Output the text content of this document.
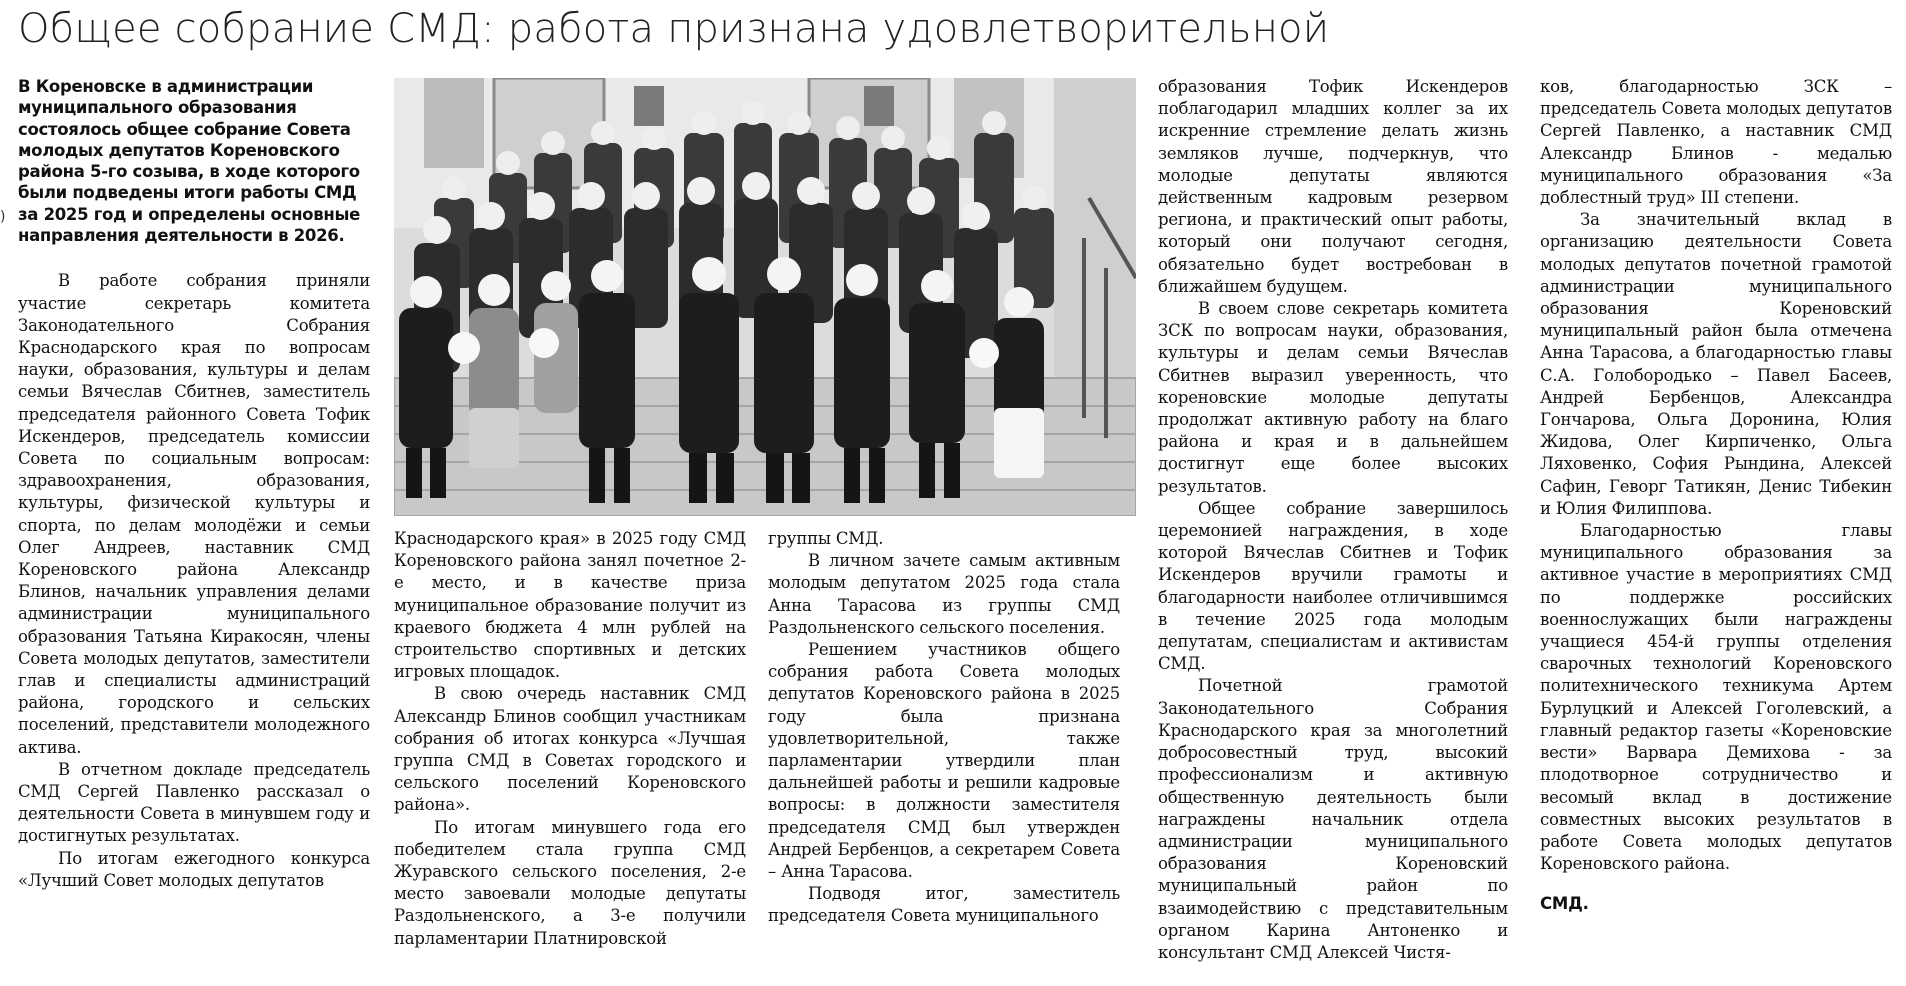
Общее собрание СМД: работа признана удовлетворительной
)

В Кореновске в администрации муниципального образования состоялось общее собрание Совета молодых депутатов Кореновского района 5-го созыва, в ходе которого были подведены итоги работы СМД за 2025 год и определены основные направления деятельности в 2026.

В работе собрания приняли участие секретарь комитета Законодательного Собрания Краснодарского края по вопросам науки, образования, культуры и делам семьи Вячеслав Сбитнев, заместитель председателя районного Совета Тофик Искендеров, председатель комиссии Совета по социальным вопросам: здравоохранения, образования, культуры, физической культуры и спорта, по делам молодёжи и семьи Олег Андреев, наставник СМД Кореновского района Александр Блинов, начальник управления делами администрации муниципального образования Татьяна Киракосян, члены Совета молодых депутатов, заместители глав и специалисты администраций района, городского и сельских поселений, представители молодежного актива.

В отчетном докладе председатель СМД Сергей Павленко рассказал о деятельности Совета в минувшем году и достигнутых результатах.

По итогам ежегодного конкурса «Лучший Совет молодых депутатов

Краснодарского края» в 2025 году СМД Кореновского района занял почетное 2-е место, и в качестве приза муниципальное образование получит из краевого бюджета 4 млн рублей на строительство спортивных и детских игровых площадок.

В свою очередь наставник СМД Александр Блинов сообщил участникам собрания об итогах конкурса «Лучшая группа СМД в Советах городского и сельского поселений Кореновского района».

По итогам минувшего года его победителем стала группа СМД Журавского сельского поселения, 2-е место завоевали молодые депутаты Раздольненского, а 3-е получили парламентарии Платнировской

группы СМД.

В личном зачете самым активным молодым депутатом 2025 года стала Анна Тарасова из группы СМД Раздольненского сельского поселения.

Решением участников общего собрания работа Совета молодых депутатов Кореновского района в 2025 году была признана удовлетворительной, также парламентарии утвердили план дальнейшей работы и решили кадровые вопросы: в должности заместителя председателя СМД был утвержден Андрей Бербенцов, а секретарем Совета – Анна Тарасова.

Подводя итог, заместитель председателя Совета муниципального

образования Тофик Искендеров поблагодарил младших коллег за их искренние стремление делать жизнь земляков лучше, подчеркнув, что молодые депутаты являются действенным кадровым резервом региона, и практический опыт работы, который они получают сегодня, обязательно будет востребован в ближайшем будущем.

В своем слове секретарь комитета ЗСК по вопросам науки, образования, культуры и делам семьи Вячеслав Сбитнев выразил уверенность, что кореновские молодые депутаты продолжат активную работу на благо района и края и в дальнейшем достигнут еще более высоких результатов.

Общее собрание завершилось церемонией награждения, в ходе которой Вячеслав Сбитнев и Тофик Искендеров вручили грамоты и благодарности наиболее отличившимся в течение 2025 года молодым депутатам, специалистам и активистам СМД.

Почетной грамотой Законодательного Собрания Краснодарского края за многолетний добросовестный труд, высокий профессионализм и активную общественную деятельность были награждены начальник отдела администрации муниципального образования Кореновский муниципальный район по взаимодействию с представительным органом Карина Антоненко и консультант СМД Алексей Чистя-

ков, благодарностью ЗСК – председатель Совета молодых депутатов Сергей Павленко, а наставник СМД Александр Блинов - медалью муниципального образования «За доблестный труд» III степени.

За значительный вклад в организацию деятельности Совета молодых депутатов почетной грамотой администрации муниципального образования Кореновский муниципальный район была отмечена Анна Тарасова, а благодарностью главы С.А. Голобородько – Павел Басеев, Андрей Бербенцов, Александра Гончарова, Ольга Доронина, Юлия Жидова, Олег Кирпиченко, Ольга Ляховенко, София Рындина, Алексей Сафин, Геворг Татикян, Денис Тибекин и Юлия Филиппова.

Благодарностью главы муниципального образования за активное участие в мероприятиях СМД по поддержке российских военнослужащих были награждены учащиеся 454-й группы отделения сварочных технологий Кореновского политехнического техникума Артем Бурлуцкий и Алексей Гоголевский, а главный редактор газеты «Кореновские вести» Варвара Демихова - за плодотворное сотрудничество и весомый вклад в достижение совместных высоких результатов в работе Совета молодых депутатов Кореновского района.

СМД.
